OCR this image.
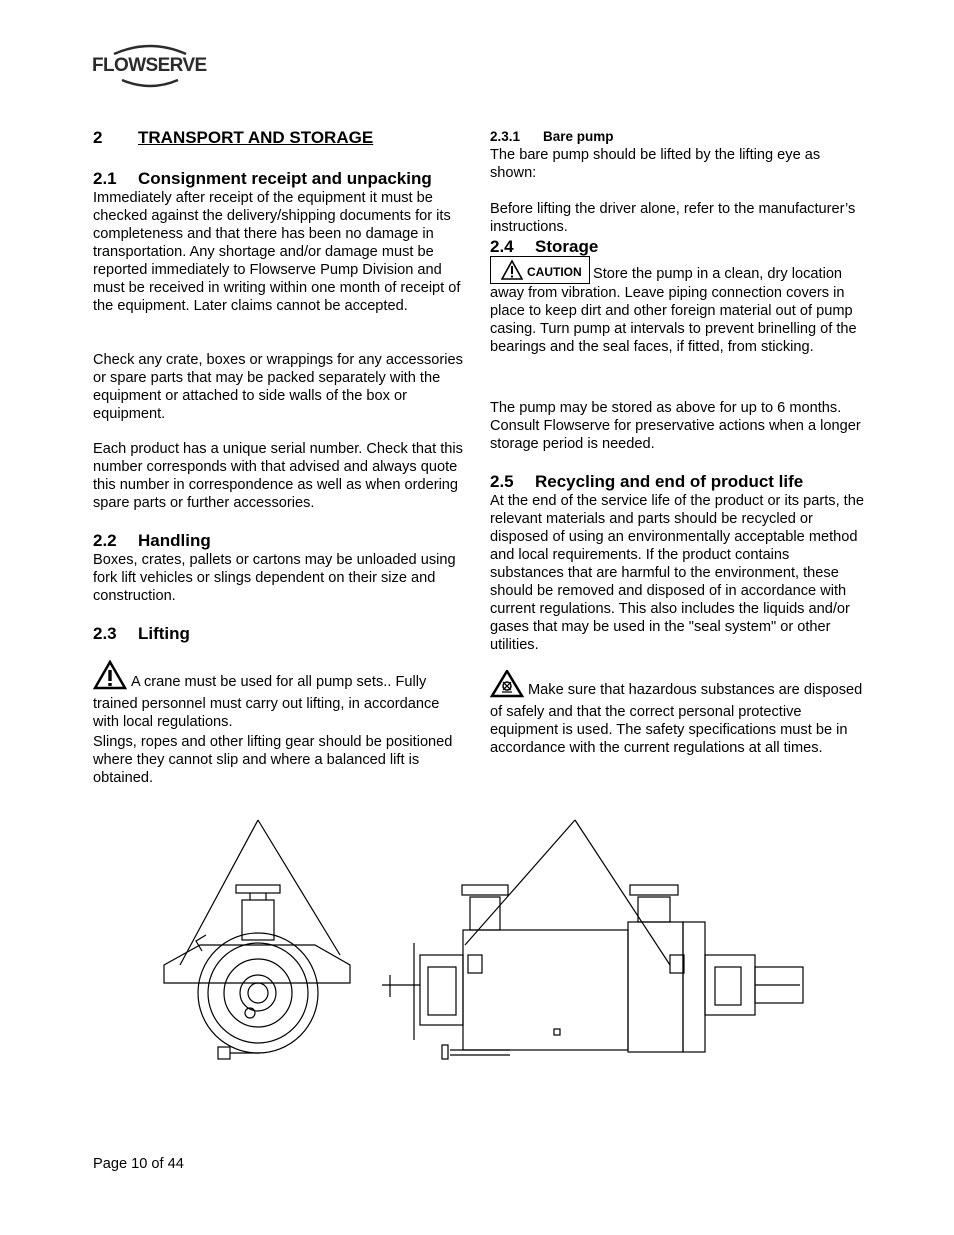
FLOWSERVE
2 TRANSPORT AND STORAGE
2.1 Consignment receipt and unpacking

Immediately after receipt of the equipment it must be checked against the delivery/shipping documents for its completeness and that there has been no damage in transportation. Any shortage and/or damage must be reported immediately to Flowserve Pump Division and must be received in writing within one month of receipt of the equipment. Later claims cannot be accepted.

Check any crate, boxes or wrappings for any accessories or spare parts that may be packed separately with the equipment or attached to side walls of the box or equipment.

Each product has a unique serial number. Check that this number corresponds with that advised and always quote this number in correspondence as well as when ordering spare parts or further accessories.

2.2 Handling

Boxes, crates, pallets or cartons may be unloaded using fork lift vehicles or slings dependent on their size and construction.

2.3 Lifting
A crane must be used for all pump sets.. Fully trained personnel must carry out lifting, in accordance with local regulations.

Slings, ropes and other lifting gear should be positioned where they cannot slip and where a balanced lift is obtained.

2.3.1 Bare pump

The bare pump should be lifted by the lifting eye as shown:

Before lifting the driver alone, refer to the manufacturer’s instructions.

2.4 Storage
CAUTION Store the pump in a clean, dry location away from vibration. Leave piping connection covers in place to keep dirt and other foreign material out of pump casing. Turn pump at intervals to prevent brinelling of the bearings and the seal faces, if fitted, from sticking.

The pump may be stored as above for up to 6 months. Consult Flowserve for preservative actions when a longer storage period is needed.

2.5 Recycling and end of product life

At the end of the service life of the product or its parts, the relevant materials and parts should be recycled or disposed of using an environmentally acceptable method and local requirements. If the product contains substances that are harmful to the environment, these should be removed and disposed of in accordance with current regulations. This also includes the liquids and/or gases that may be used in the "seal system" or other utilities.

Make sure that hazardous substances are disposed of safely and that the correct personal protective equipment is used. The safety specifications must be in accordance with the current regulations at all times.
Page 10 of 44
